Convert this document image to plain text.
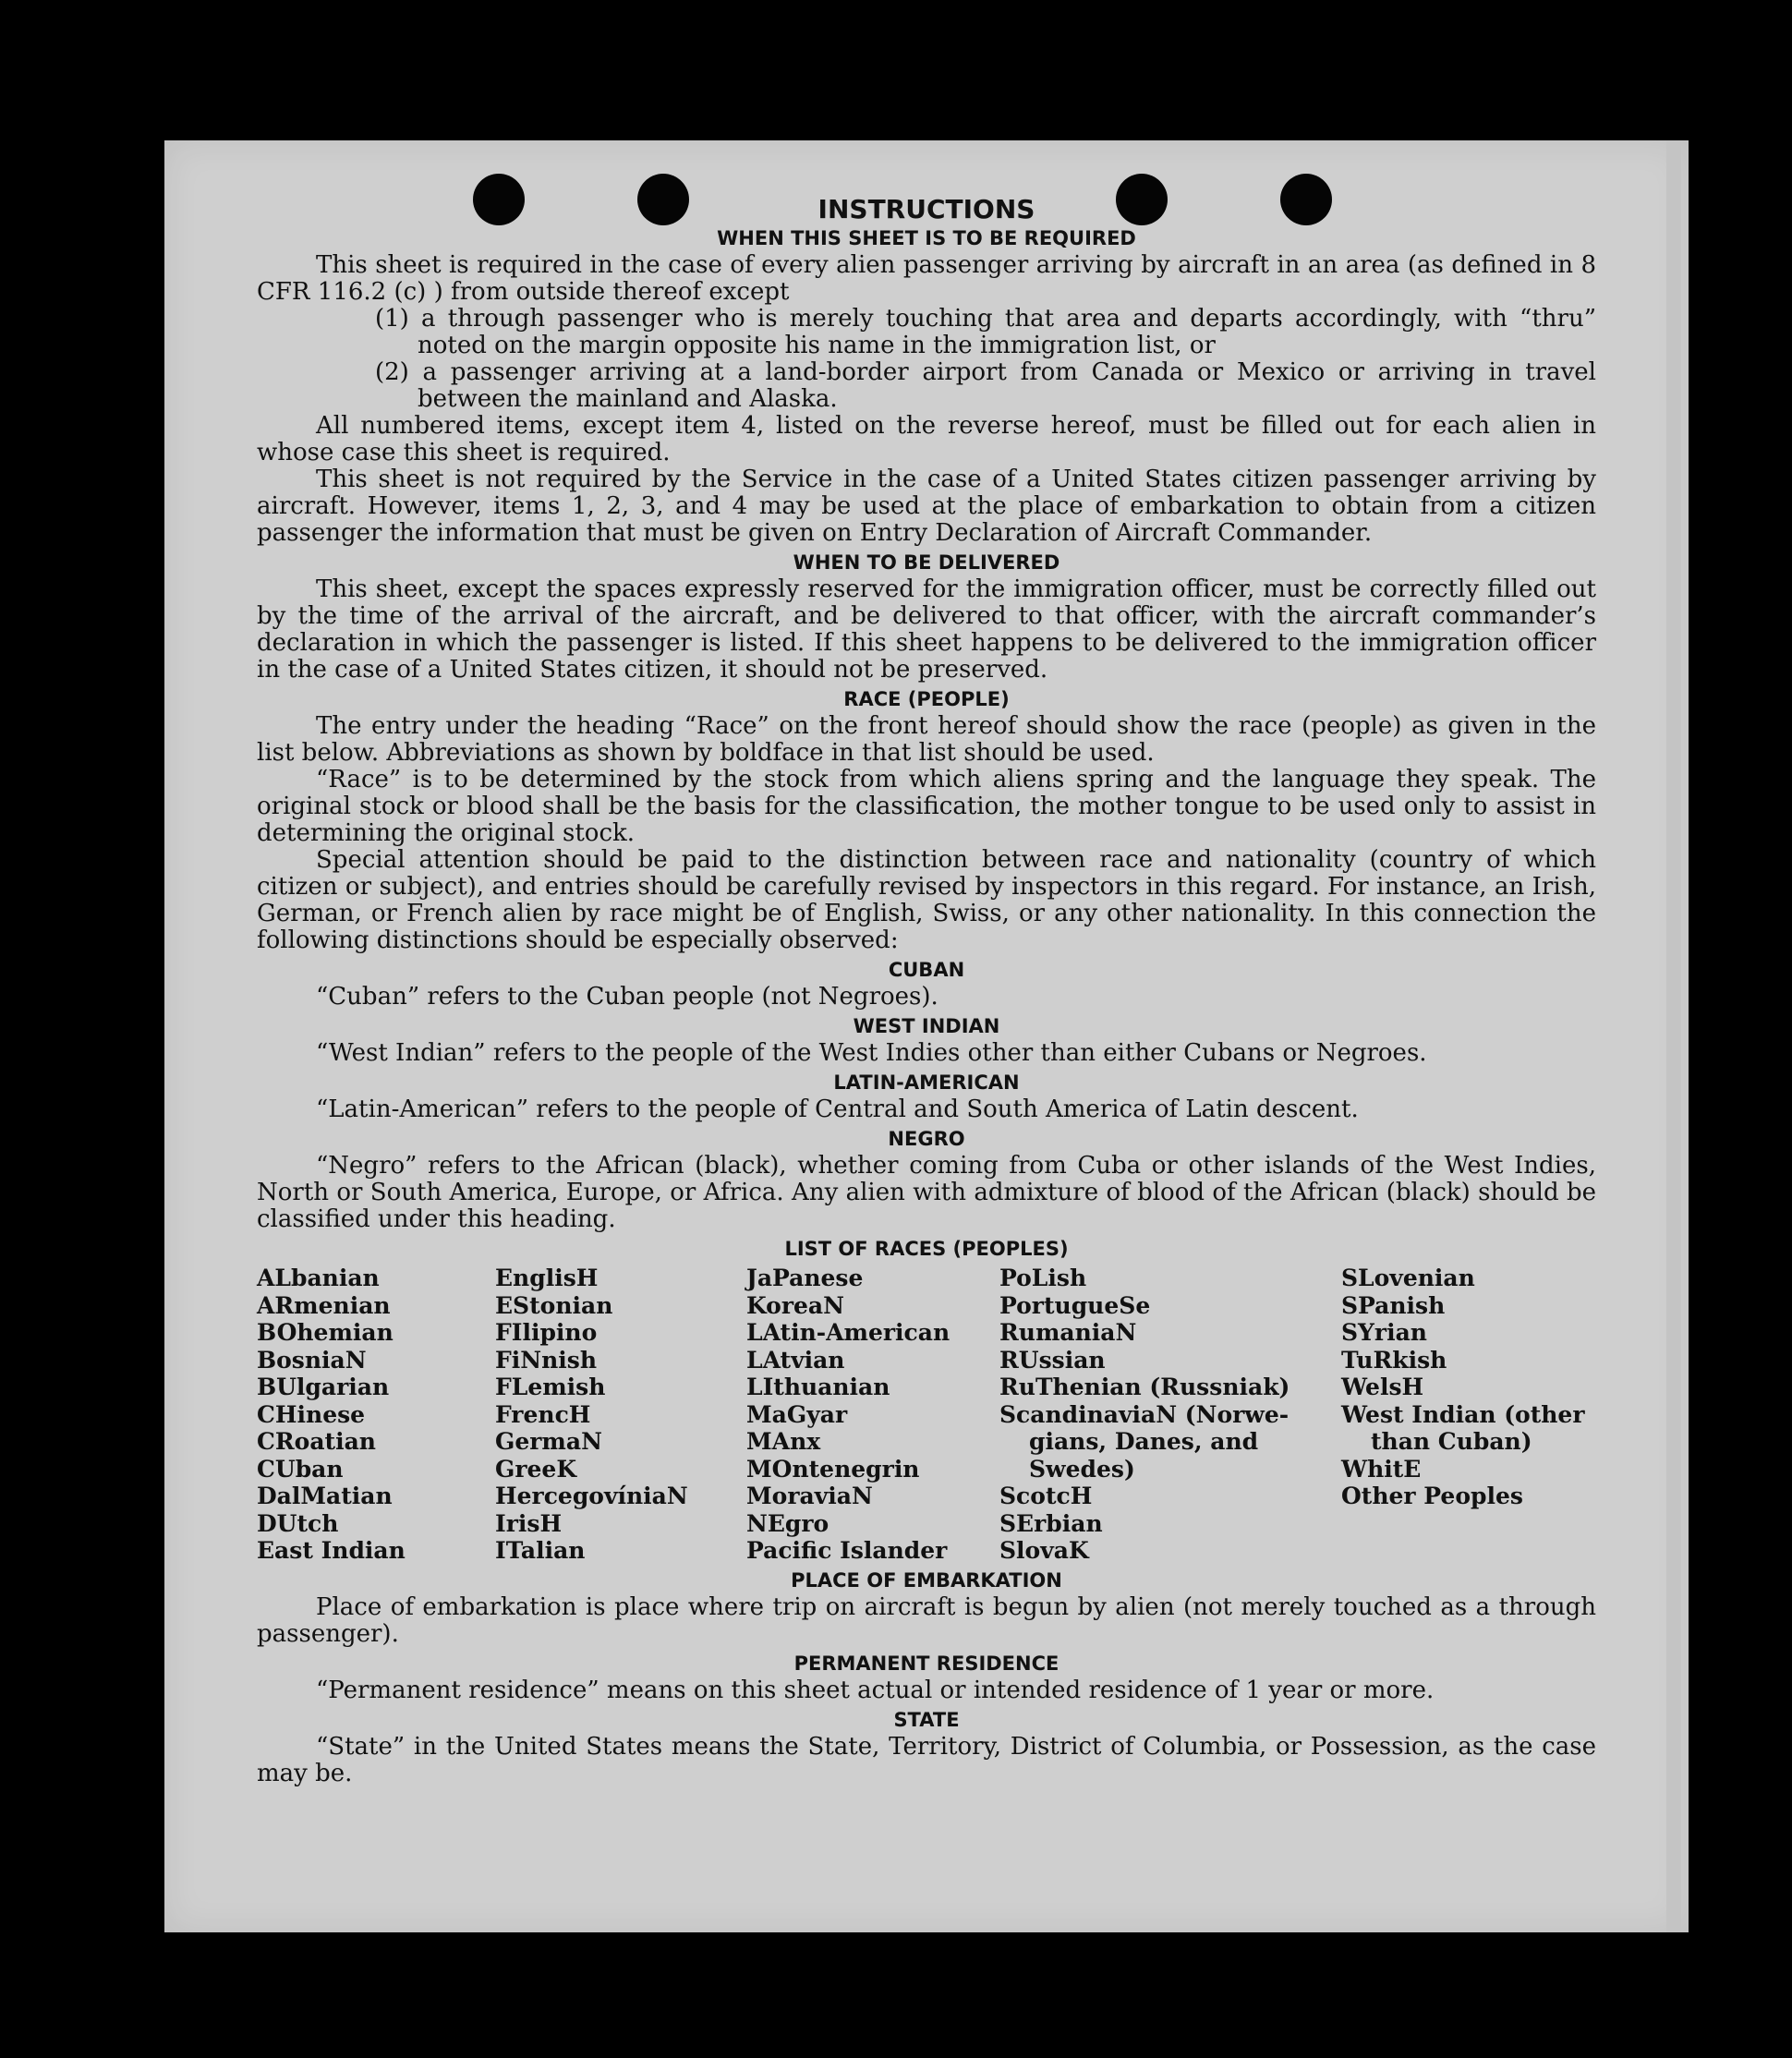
INSTRUCTIONS
WHEN THIS SHEET IS TO BE REQUIRED

This sheet is required in the case of every alien passenger arriving by aircraft in an area (as defined in 8 CFR 116.2 (c) ) from outside thereof except

(1) a through passenger who is merely touching that area and departs accordingly, with “thru” noted on the margin opposite his name in the immigration list, or

(2) a passenger arriving at a land-border airport from Canada or Mexico or arriving in travel between the mainland and Alaska.

All numbered items, except item 4, listed on the reverse hereof, must be filled out for each alien in whose case this sheet is required.

This sheet is not required by the Service in the case of a United States citizen passenger arriving by aircraft. However, items 1, 2, 3, and 4 may be used at the place of embarkation to obtain from a citizen passenger the information that must be given on Entry Declaration of Aircraft Commander.

WHEN TO BE DELIVERED

This sheet, except the spaces expressly reserved for the immigration officer, must be correctly filled out by the time of the arrival of the aircraft, and be delivered to that officer, with the aircraft commander’s declaration in which the passenger is listed. If this sheet happens to be delivered to the immigration officer in the case of a United States citizen, it should not be preserved.

RACE (PEOPLE)

The entry under the heading “Race” on the front hereof should show the race (people) as given in the list below. Abbreviations as shown by boldface in that list should be used.

“Race” is to be determined by the stock from which aliens spring and the language they speak. The original stock or blood shall be the basis for the classification, the mother tongue to be used only to assist in determining the original stock.

Special attention should be paid to the distinction between race and nationality (country of which citizen or subject), and entries should be carefully revised by inspectors in this regard. For instance, an Irish, German, or French alien by race might be of English, Swiss, or any other nationality. In this connection the following distinctions should be especially observed:

CUBAN

“Cuban” refers to the Cuban people (not Negroes).

WEST INDIAN

“West Indian” refers to the people of the West Indies other than either Cubans or Negroes.

LATIN-AMERICAN

“Latin-American” refers to the people of Central and South America of Latin descent.

NEGRO

“Negro” refers to the African (black), whether coming from Cuba or other islands of the West Indies, North or South America, Europe, or Africa. Any alien with admixture of blood of the African (black) should be classified under this heading.

LIST OF RACES (PEOPLES)
ALbanian
ARmenian
BOhemian
BosniaN
BUlgarian
CHinese
CRoatian
CUban
DalMatian
DUtch
East Indian
EnglisH
EStonian
FIlipino
FiNnish
FLemish
FrencH
GermaN
GreeK
HercegovíniaN
IrisH
ITalian
JaPanese
KoreaN
LAtin-American
LAtvian
LIthuanian
MaGyar
MAnx
MOntenegrin
MoraviaN
NEgro
Pacific Islander
PoLish
PortugueSe
RumaniaN
RUssian
RuThenian (Russniak)
ScandinaviaN (Norwe-
gians, Danes, and
Swedes)
ScotcH
SErbian
SlovaK
SLovenian
SPanish
SYrian
TuRkish
WelsH
West Indian (other
than Cuban)
WhitE
Other Peoples
PLACE OF EMBARKATION

Place of embarkation is place where trip on aircraft is begun by alien (not merely touched as a through passenger).

PERMANENT RESIDENCE

“Permanent residence” means on this sheet actual or intended residence of 1 year or more.

STATE

“State” in the United States means the State, Territory, District of Columbia, or Possession, as the case may be.
